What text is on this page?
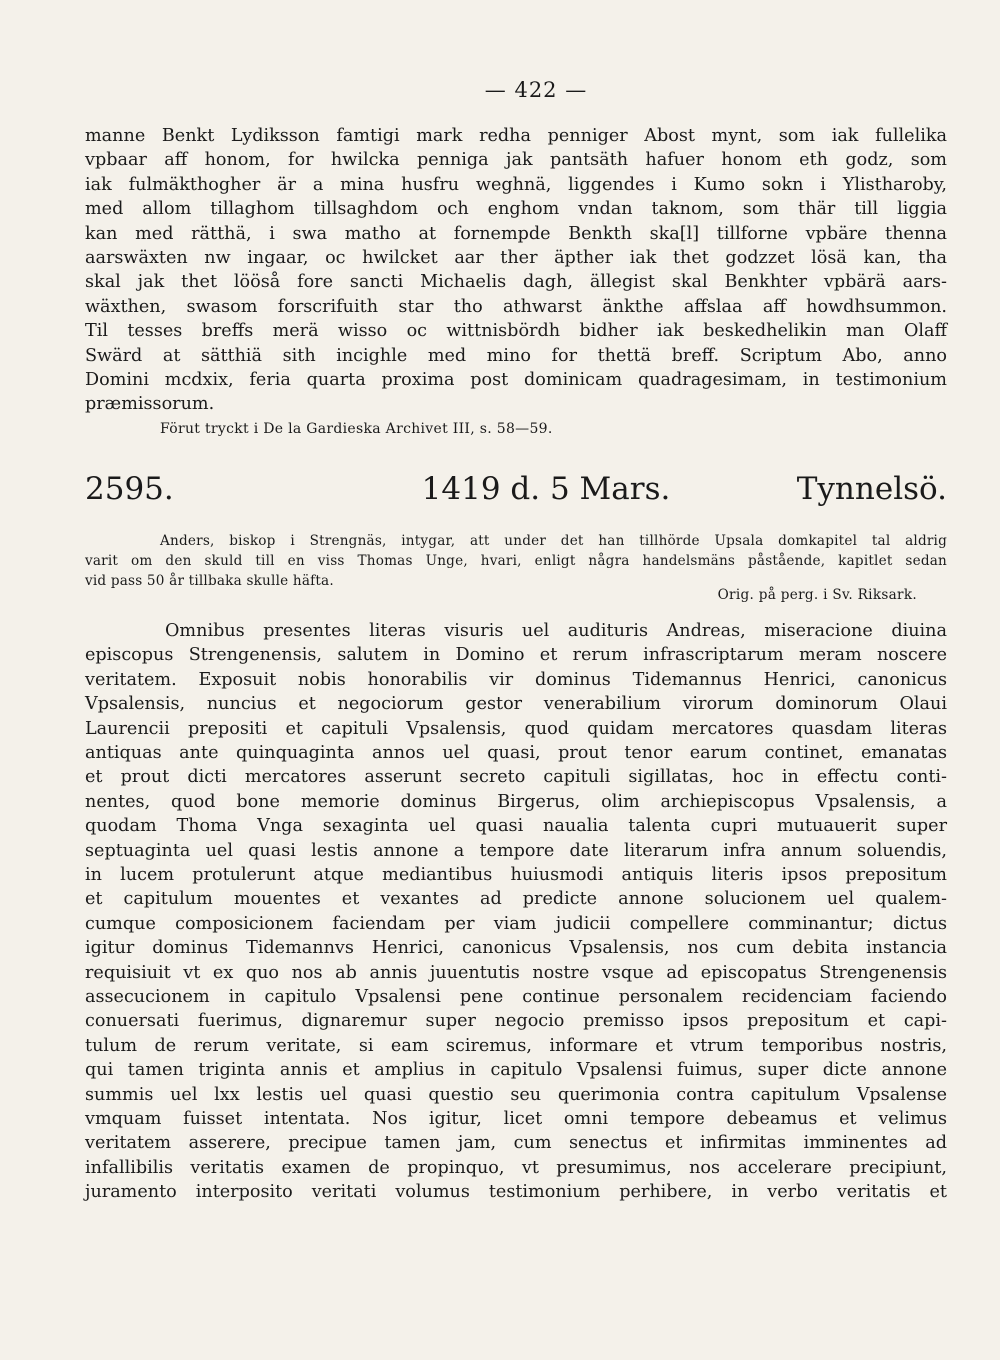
— 422 —
manne Benkt Lydiksson famtigi mark redha penniger Abost mynt, som iak fullelika
vpbaar aff honom, for hwilcka penniga jak pantsäth hafuer honom eth godz, som
iak fulmäkthogher är a mina husfru weghnä, liggendes i Kumo sokn i Ylistharoby,
med allom tillaghom tillsaghdom och enghom vndan taknom, som thär till liggia
kan med rätthä, i swa matho at fornempde Benkth ska[l] tillforne vpbäre thenna
aarswäxten nw ingaar, oc hwilcket aar ther äpther iak thet godzzet lösä kan, tha
skal jak thet lööså fore sancti Michaelis dagh, ällegist skal Benkhter vpbärä aars-
wäxthen, swasom forscrifuith star tho athwarst änkthe affslaa aff howdhsummon.
Til tesses breffs merä wisso oc wittnisbördh bidher iak beskedhelikin man Olaff
Swärd at sätthiä sith incighle med mino for thettä breff. Scriptum Abo, anno
Domini mcdxix, feria quarta proxima post dominicam quadragesimam, in testimonium
præmissorum.
Förut tryckt i De la Gardieska Archivet III, s. 58—59.
2595.	1419 d. 5 Mars.	Tynnelsö.
Anders, biskop i Strengnäs, intygar, att under det han tillhörde Upsala domkapitel tal aldrig
varit om den skuld till en viss Thomas Unge, hvari, enligt några handelsmäns påstående, kapitlet sedan
vid pass 50 år tillbaka skulle häfta.
Orig. på perg. i Sv. Riksark.
Omnibus presentes literas visuris uel audituris Andreas, miseracione diuina
episcopus Strengenensis, salutem in Domino et rerum infrascriptarum meram noscere
veritatem. Exposuit nobis honorabilis vir dominus Tidemannus Henrici, canonicus
Vpsalensis, nuncius et negociorum gestor venerabilium virorum dominorum Olaui
Laurencii prepositi et capituli Vpsalensis, quod quidam mercatores quasdam literas
antiquas ante quinquaginta annos uel quasi, prout tenor earum continet, emanatas
et prout dicti mercatores asserunt secreto capituli sigillatas, hoc in effectu conti-
nentes, quod bone memorie dominus Birgerus, olim archiepiscopus Vpsalensis, a
quodam Thoma Vnga sexaginta uel quasi naualia talenta cupri mutuauerit super
septuaginta uel quasi lestis annone a tempore date literarum infra annum soluendis,
in lucem protulerunt atque mediantibus huiusmodi antiquis literis ipsos prepositum
et capitulum mouentes et vexantes ad predicte annone solucionem uel qualem-
cumque composicionem faciendam per viam judicii compellere comminantur; dictus
igitur dominus Tidemannvs Henrici, canonicus Vpsalensis, nos cum debita instancia
requisiuit vt ex quo nos ab annis juuentutis nostre vsque ad episcopatus Strengenensis
assecucionem in capitulo Vpsalensi pene continue personalem recidenciam faciendo
conuersati fuerimus, dignaremur super negocio premisso ipsos prepositum et capi-
tulum de rerum veritate, si eam sciremus, informare et vtrum temporibus nostris,
qui tamen triginta annis et amplius in capitulo Vpsalensi fuimus, super dicte annone
summis uel lxx lestis uel quasi questio seu querimonia contra capitulum Vpsalense
vmquam fuisset intentata. Nos igitur, licet omni tempore debeamus et velimus
veritatem asserere, precipue tamen jam, cum senectus et infirmitas imminentes ad
infallibilis veritatis examen de propinquo, vt presumimus, nos accelerare precipiunt,
juramento interposito veritati volumus testimonium perhibere, in verbo veritatis et
